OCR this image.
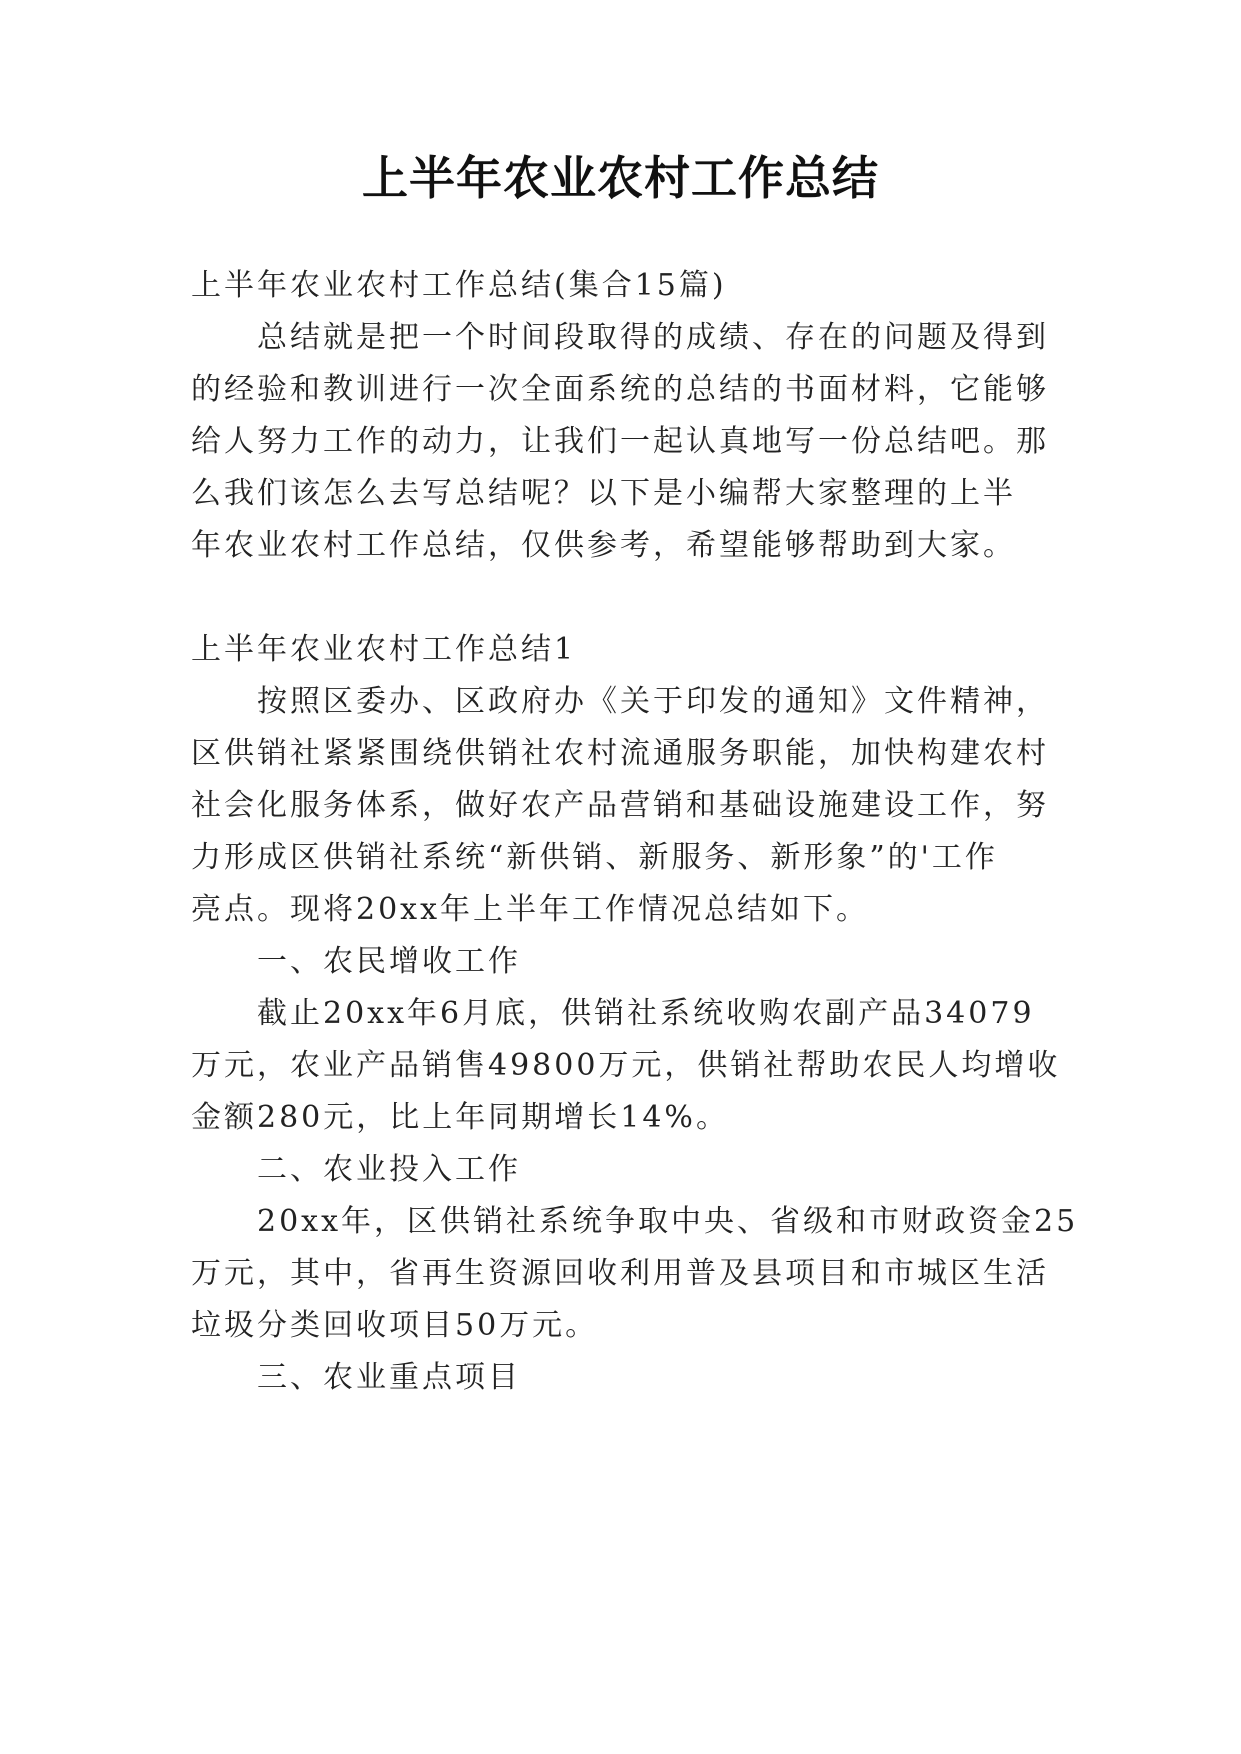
上半年农业农村工作总结
上半年农业农村工作总结(集合15篇)
总结就是把一个时间段取得的成绩、存在的问题及得到
的经验和教训进行一次全面系统的总结的书面材料，它能够
给人努力工作的动力，让我们一起认真地写一份总结吧。那
么我们该怎么去写总结呢？以下是小编帮大家整理的上半
年农业农村工作总结，仅供参考，希望能够帮助到大家。
上半年农业农村工作总结1
按照区委办、区政府办《关于印发的通知》文件精神，
区供销社紧紧围绕供销社农村流通服务职能，加快构建农村
社会化服务体系，做好农产品营销和基础设施建设工作，努
力形成区供销社系统“新供销、新服务、新形象”的'工作
亮点。现将20xx年上半年工作情况总结如下。
一、农民增收工作
截止20xx年6月底，供销社系统收购农副产品34079
万元，农业产品销售49800万元，供销社帮助农民人均增收
金额280元，比上年同期增长14%。
二、农业投入工作
20xx年，区供销社系统争取中央、省级和市财政资金25
万元，其中，省再生资源回收利用普及县项目和市城区生活
垃圾分类回收项目50万元。
三、农业重点项目
